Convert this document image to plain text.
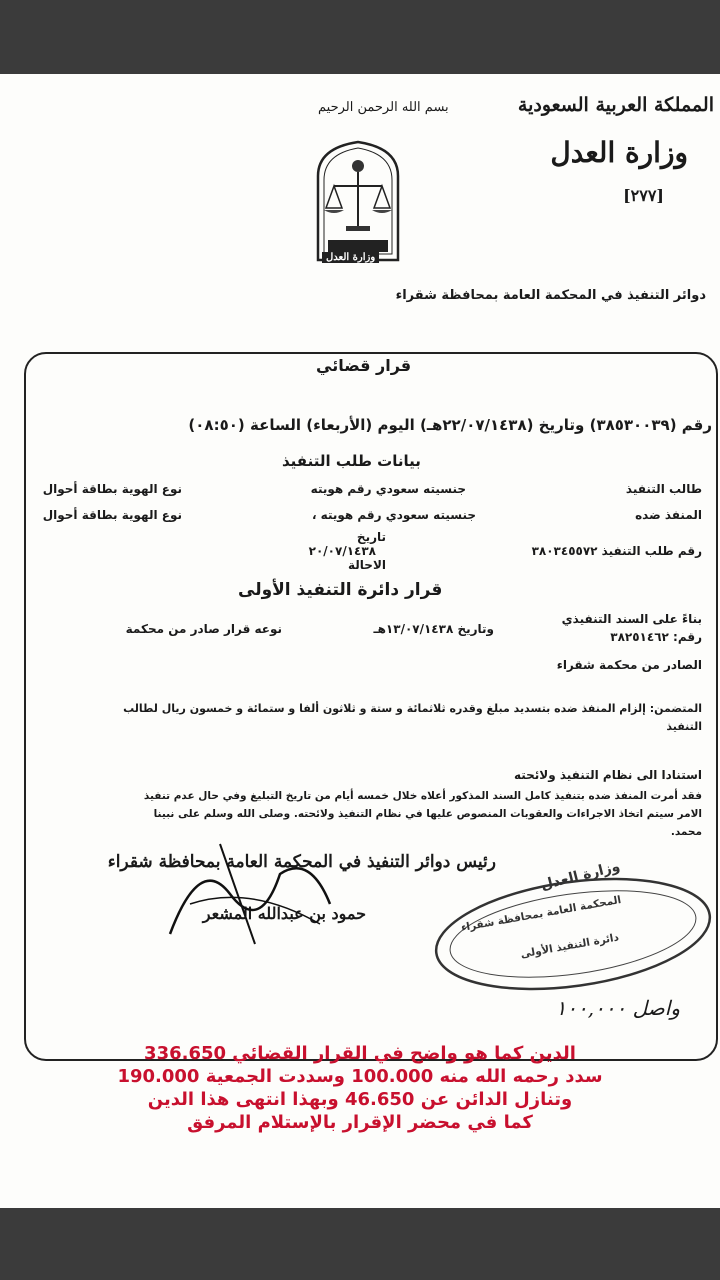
المملكة العربية السعودية
وزارة العدل
[٢٧٧]
بسم الله الرحمن الرحيم
وزارة العدل
دوائر التنفيذ في المحكمة العامة بمحافظة شقراء
قرار قضائي
رقم (٣٨٥٣٠٠٣٩) وتاريخ (٢٢/٠٧/١٤٣٨هـ) اليوم (الأربعاء) الساعة (٠٨:٥٠)
بيانات طلب التنفيذ
طالب التنفيذ
جنسيته سعودي رقم هويته
نوع الهوية بطاقة أحوال
المنفذ ضده
جنسيته سعودي رقم هويته ،
نوع الهوية بطاقة أحوال
رقم طلب التنفيذ ٣٨٠٣٤٥٥٧٢
تاريخ
٢٠/٠٧/١٤٣٨
الاحالة
قرار دائرة التنفيذ الأولى
بناءً على السند التنفيذي
رقم: ٣٨٢٥١٤٦٢
وتاريخ ١٣/٠٧/١٤٣٨هـ
نوعه قرار صادر من محكمة
الصادر من محكمة شقراء
المتضمن: إلزام المنفذ ضده بتسديد مبلغ وقدره ثلاثمائة و ستة و ثلاثون ألفا و ستمائة و خمسون ريال لطالب
التنفيذ
استنادا الى نظام التنفيذ ولائحته
فقد أمرت المنفذ ضده بتنفيذ كامل السند المذكور أعلاه خلال خمسه أيام من تاريخ التبليغ وفي حال عدم تنفيذ
الامر سيتم اتخاذ الاجراءات والعقوبات المنصوص عليها في نظام التنفيذ ولائحته. وصلى الله وسلم على نبينا
محمد.
رئيس دوائر التنفيذ في المحكمة العامة بمحافظة شقراء
حمود بن عبدالله المشعر
وزارة العدل
المحكمة العامة بمحافظة شقراء
دائرة التنفيذ الأولى
واصل ١٠٠,٠٠٠
الدين كما هو واضح في القرار القضائي 336.650
سدد رحمه الله منه 100.000 وسددت الجمعية 190.000
وتنازل الدائن عن 46.650 وبهذا انتهى هذا الدين
كما في محضر الإقرار بالإستلام المرفق
